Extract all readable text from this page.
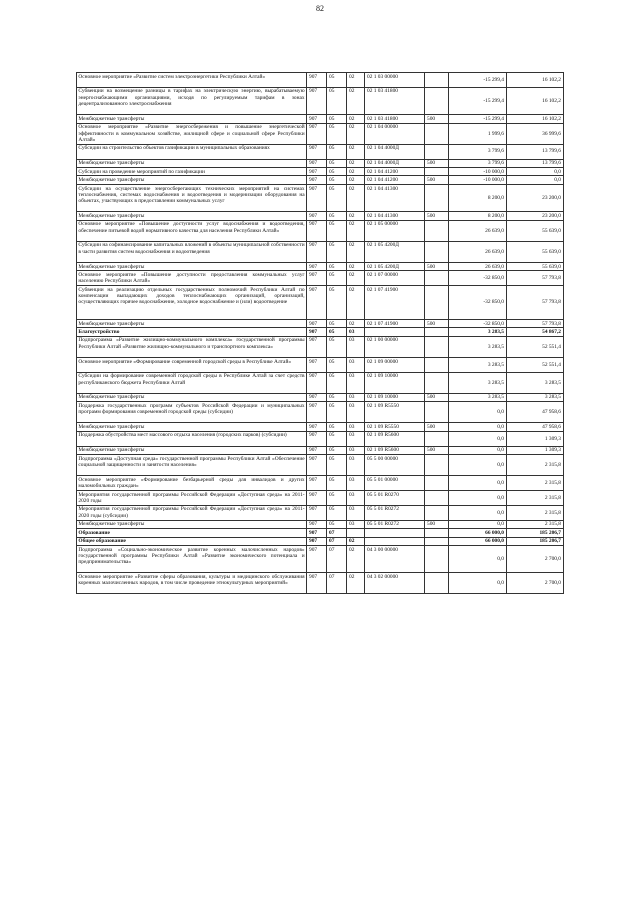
82
Основное мероприятие «Развитие систем электроэнергетики Республики Алтай»	907	05	02	02 1 03 00000		-15 299,4	16 102,2
Субвенции на возмещение разницы в тарифах на электрическую энергию, вырабатываемую энергоснабжающими организациями, исходя по регулируемым тарифам в зонах децентрализованного электроснабжения	907	05	02	02 1 03 41800		-15 299,4	16 102,2
Межбюджетные трансферты	907	05	02	02 1 03 41800	500	-15 299,4	16 102,2
Основное мероприятие «Развитие энергосбережения и повышение энергетической эффективности в коммунальном хозяйстве, жилищной сфере и социальной сфере Республики Алтай»	907	05	02	02 1 04 00000		1 999,6	36 999,6
Субсидии на строительство объектов газификации в муниципальных образованиях	907	05	02	02 1 04 4000Д		3 799,6	13 799,6
Межбюджетные трансферты	907	05	02	02 1 04 4000Д	500	3 799,6	13 799,6
Субсидии на проведение мероприятий по газификации	907	05	02	02 1 04 41200		-10 000,0	0,0
Межбюджетные трансферты	907	05	02	02 1 04 41200	500	-10 000,0	0,0
Субсидии на осуществление энергосберегающих технических мероприятий на системах теплоснабжения, системах водоснабжения и водоотведения и модернизации оборудования на объектах, участвующих в предоставлении коммунальных услуг	907	05	02	02 1 04 41300		8 200,0	23 200,0
Межбюджетные трансферты	907	05	02	02 1 04 41300	500	8 200,0	23 200,0
Основное мероприятие «Повышение доступности услуг водоснабжения и водоотведения, обеспечение питьевой водой нормативного качества для населения Республики Алтай»	907	05	02	02 1 05 00000		26 639,0	55 639,0
Субсидии на софинансирование капитальных вложений в объекты муниципальной собственности в части развития систем водоснабжения и водоотведения	907	05	02	02 1 05 4200Д		26 639,0	55 639,0
Межбюджетные трансферты	907	05	02	02 1 05 4200Д	500	26 639,0	55 639,0
Основное мероприятие «Повышение доступности предоставления коммунальных услуг населению Республики Алтай»	907	05	02	02 1 07 00000		-32 850,0	57 793,8
Субвенции на реализацию отдельных государственных полномочий Республики Алтай по компенсации выпадающих доходов теплоснабжающих организаций, организаций, осуществляющих горячее водоснабжение, холодное водоснабжение и (или) водоотведение	907	05	02	02 1 07 41900		-32 850,0	57 793,8
Межбюджетные трансферты	907	05	02	02 1 07 41900	500	-32 850,0	57 793,8
Благоустройство	907	05	03			3 283,5	54 867,2
Подпрограмма «Развитие жилищно-коммунального комплекса» государственной программы Республики Алтай «Развитие жилищно-коммунального и транспортного комплекса»	907	05	03	02 1 00 00000		3 283,5	52 551,4
Основное мероприятие «Формирование современной городской среды в Республике Алтай»	907	05	03	02 1 09 00000		3 283,5	52 551,4
Субсидии на формирование современной городской среды в Республике Алтай за счет средств республиканского бюджета Республики Алтай	907	05	03	02 1 09 10000		3 283,5	3 283,5
Межбюджетные трансферты	907	05	03	02 1 09 10000	500	3 283,5	3 283,5
Поддержка государственных программ субъектов Российской Федерации и муниципальных программ формирования современной городской среды (субсидии)	907	05	03	02 1 09 R5550		0,0	47 958,6
Межбюджетные трансферты	907	05	03	02 1 09 R5550	500	0,0	47 958,6
Поддержка обустройства мест массового отдыха населения (городских парков) (субсидии)	907	05	03	02 1 09 R5600		0,0	1 309,3
Межбюджетные трансферты	907	05	03	02 1 09 R5600	500	0,0	1 309,3
Подпрограмма «Доступная среда» государственной программы Республики Алтай «Обеспечение социальной защищенности и занятости населения»	907	05	03	05 5 00 00000		0,0	2 315,8
Основное мероприятие «Формирование безбарьерной среды для инвалидов и других маломобильных граждан»	907	05	03	05 5 01 00000		0,0	2 315,8
Мероприятия государственной программы Российской Федерации «Доступная среда» на 2011-2020 годы	907	05	03	05 5 01 R0270		0,0	2 315,8
Мероприятия государственной программы Российской Федерации «Доступная среда» на 2011-2020 годы (субсидии)	907	05	03	05 5 01 R0272		0,0	2 315,8
Межбюджетные трансферты	907	05	03	05 5 01 R0272	500	0,0	2 315,8
Образование	907	07				66 000,0	185 206,7
Общее образование	907	07	02			66 000,0	185 206,7
Подпрограмма «Социально-экономическое развитие коренных малочисленных народов» государственной программы Республики Алтай «Развитие экономического потенциала и предпринимательства»	907	07	02	04 3 00 00000		0,0	2 700,0
Основное мероприятие «Развитие сферы образования, культуры и медицинского обслуживания коренных малочисленных народов, в том числе проведение этнокультурных мероприятий»	907	07	02	04 3 02 00000		0,0	2 700,0
